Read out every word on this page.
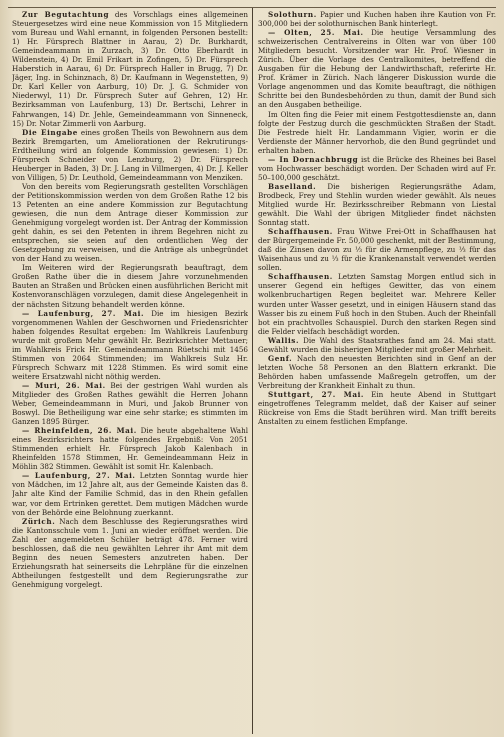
Zur Begutachtung des Vorschlags eines allgemeinen Steuergesetzes wird eine neue Kommission von 15 Mitgliedern vom Bureau und Wahl ernannt, in folgenden Personen bestellt: 1) Hr. Fürsprech Blattner in Aarau, 2) Dr. Burkhardt, Gemeindeammann in Zurzach, 3) Dr. Otto Eberhardt in Wildenstein, 4) Dr. Emil Frikart in Zofingen, 5) Dr. Fürsprech Haberstich in Aarau, 6) Dr. Fürsprech Haller in Brugg, 7) Dr. Jäger, Ing. in Schinznach, 8) Dr. Kaufmann in Wegenstetten, 9) Dr. Karl Keller von Aarburg, 10) Dr. J. G. Schmider von Niederwyl, 11) Dr. Fürsprech Suter auf Gehren, 12) Hr. Bezirksamman von Laufenburg, 13) Dr. Bertschi, Lehrer in Fahrwangen, 14) Dr. Jehle, Gemeindeammann von Sinneneck, 15) Dr. Notar Zimmerli von Aarburg.

Die Eingabe eines großen Theils von Bewohnern aus dem Bezirk Bremgarten, um Ameliorationen der Rekrutirungs-Erdtheilung wird an folgende Kommission gewiesen: 1) Dr. Fürsprech Schneider von Lenzburg, 2) Dr. Fürsprech Heuberger in Baden, 3) Dr. J. Lang in Villmergen, 4) Dr. J. Keller von Villigen, 5) Dr. Leuthold, Gemeindeammann von Menziken.

Von den bereits vom Regierungsrath gestellten Vorschlägen der Petitionskommission werden von dem Großen Rathe 12 bis 13 Petenten an eine andere Kommission zur Begutachtung gewiesen, die nun dem Antrage dieser Kommission zur Genehmigung vorgelegt worden ist. Der Antrag der Kommission geht dahin, es sei den Petenten in ihrem Begehren nicht zu entsprechen, sie seien auf den ordentlichen Weg der Gesetzgebung zu verweisen, und die Anträge als unbegründet von der Hand zu weisen.

Im Weiteren wird der Regierungsrath beauftragt, dem Großen Rathe über die in diesem Jahre vorzunehmenden Bauten an Straßen und Brücken einen ausführlichen Bericht mit Kostenvoranschlägen vorzulegen, damit diese Angelegenheit in der nächsten Sitzung behandelt werden könne.

— Laufenburg, 27. Mai. Die im hiesigen Bezirk vorgenommenen Wahlen der Geschwornen und Friedensrichter haben folgendes Resultat ergeben: Im Wahlkreis Laufenburg wurde mit großem Mehr gewählt Hr. Bezirksrichter Mettauer; im Wahlkreis Frick Hr. Gemeindeammann Rüetschi mit 1456 Stimmen von 2064 Stimmenden; im Wahlkreis Sulz Hr. Fürsprech Schwarz mit 1228 Stimmen. Es wird somit eine weitere Ersatzwahl nicht nöthig werden.

— Muri, 26. Mai. Bei der gestrigen Wahl wurden als Mitglieder des Großen Rathes gewählt die Herren Johann Weber, Gemeindeammann in Muri, und Jakob Brunner von Boswyl. Die Betheiligung war eine sehr starke; es stimmten im Ganzen 1895 Bürger.

— Rheinfelden, 26. Mai. Die heute abgehaltene Wahl eines Bezirksrichters hatte folgendes Ergebniß: Von 2051 Stimmenden erhielt Hr. Fürsprech Jakob Kalenbach in Rheinfelden 1578 Stimmen, Hr. Gemeindeammann Heiz in Möhlin 382 Stimmen. Gewählt ist somit Hr. Kalenbach.

— Laufenburg, 27. Mai. Letzten Sonntag wurde hier von Mädchen, im 12 Jahre alt, aus der Gemeinde Kaisten das 8. Jahr alte Kind der Familie Schmid, das in den Rhein gefallen war, vor dem Ertrinken gerettet. Dem mutigen Mädchen wurde von der Behörde eine Belohnung zuerkannt.

Zürich. Nach dem Beschlusse des Regierungsrathes wird die Kantonsschule vom 1. Juni an wieder eröffnet werden. Die Zahl der angemeldeten Schüler beträgt 478. Ferner wird beschlossen, daß die neu gewählten Lehrer ihr Amt mit dem Beginn des neuen Semesters anzutreten haben. Der Erziehungsrath hat seinerseits die Lehrpläne für die einzelnen Abtheilungen festgestellt und dem Regierungsrathe zur Genehmigung vorgelegt.

Solothurn. Papier und Kuchen haben ihre Kaution von Fr. 300,000 bei der solothurnischen Bank hinterlegt.

— Olten, 25. Mai. Die heutige Versammlung des schweizerischen Centralvereins in Olten war von über 100 Mitgliedern besucht. Vorsitzender war Hr. Prof. Wiesner in Zürich. Über die Vorlage des Centralkomites, betreffend die Ausgaben für die Hebung der Landwirthschaft, referirte Hr. Prof. Krämer in Zürich. Nach längerer Diskussion wurde die Vorlage angenommen und das Komite beauftragt, die nöthigen Schritte bei den Bundesbehörden zu thun, damit der Bund sich an den Ausgaben betheilige.

Im Olten fing die Feier mit einem Festgottesdienste an, dann folgte der Festzug durch die geschmückten Straßen der Stadt. Die Festrede hielt Hr. Landammann Vigier, worin er die Verdienste der Männer hervorhob, die den Bund gegründet und erhalten haben.

— In Dornachbrugg ist die Brücke des Rheines bei Basel vom Hochwasser beschädigt worden. Der Schaden wird auf Fr. 50–100,000 geschätzt.

Baselland. Die bisherigen Regierungsräthe Adam, Brodbeck, Frey und Stehlin wurden wieder gewählt. Als neues Mitglied wurde Hr. Bezirksschreiber Rebmann von Liestal gewählt. Die Wahl der übrigen Mitglieder findet nächsten Sonntag statt.

Schaffhausen. Frau Witwe Frei-Ott in Schaffhausen hat der Bürgergemeinde Fr. 50,000 geschenkt, mit der Bestimmung, daß die Zinsen davon zu ⅓ für die Armenpflege, zu ⅓ für das Waisenhaus und zu ⅓ für die Krankenanstalt verwendet werden sollen.

Schaffhausen. Letzten Samstag Morgen entlud sich in unserer Gegend ein heftiges Gewitter, das von einem wolkenbruchartigen Regen begleitet war. Mehrere Keller wurden unter Wasser gesetzt, und in einigen Häusern stand das Wasser bis zu einem Fuß hoch in den Stuben. Auch der Rheinfall bot ein prachtvolles Schauspiel. Durch den starken Regen sind die Felder vielfach beschädigt worden.

Wallis. Die Wahl des Staatsrathes fand am 24. Mai statt. Gewählt wurden die bisherigen Mitglieder mit großer Mehrheit.

Genf. Nach den neuesten Berichten sind in Genf an der letzten Woche 58 Personen an den Blattern erkrankt. Die Behörden haben umfassende Maßregeln getroffen, um der Verbreitung der Krankheit Einhalt zu thun.

Stuttgart, 27. Mai. Ein heute Abend in Stuttgart eingetroffenes Telegramm meldet, daß der Kaiser auf seiner Rückreise von Ems die Stadt berühren wird. Man trifft bereits Anstalten zu einem festlichen Empfange.
